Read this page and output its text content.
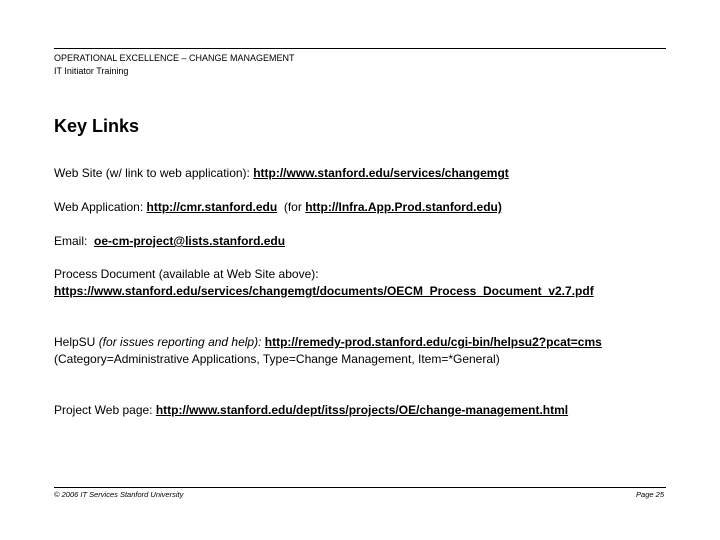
OPERATIONAL EXCELLENCE – CHANGE MANAGEMENT
IT Initiator Training
Key Links

Web Site (w/ link to web application): http://www.stanford.edu/services/changemgt

Web Application: http://cmr.stanford.edu  (for http://Infra.App.Prod.stanford.edu)

Email:  oe-cm-project@lists.stanford.edu

Process Document (available at Web Site above):
https://www.stanford.edu/services/changemgt/documents/OECM_Process_Document_v2.7.pdf

HelpSU (for issues reporting and help): http://remedy-prod.stanford.edu/cgi-bin/helpsu2?pcat=cms (Category=Administrative Applications, Type=Change Management, Item=*General)

Project Web page: http://www.stanford.edu/dept/itss/projects/OE/change-management.html

© 2006 IT Services Stanford University	Page 25
